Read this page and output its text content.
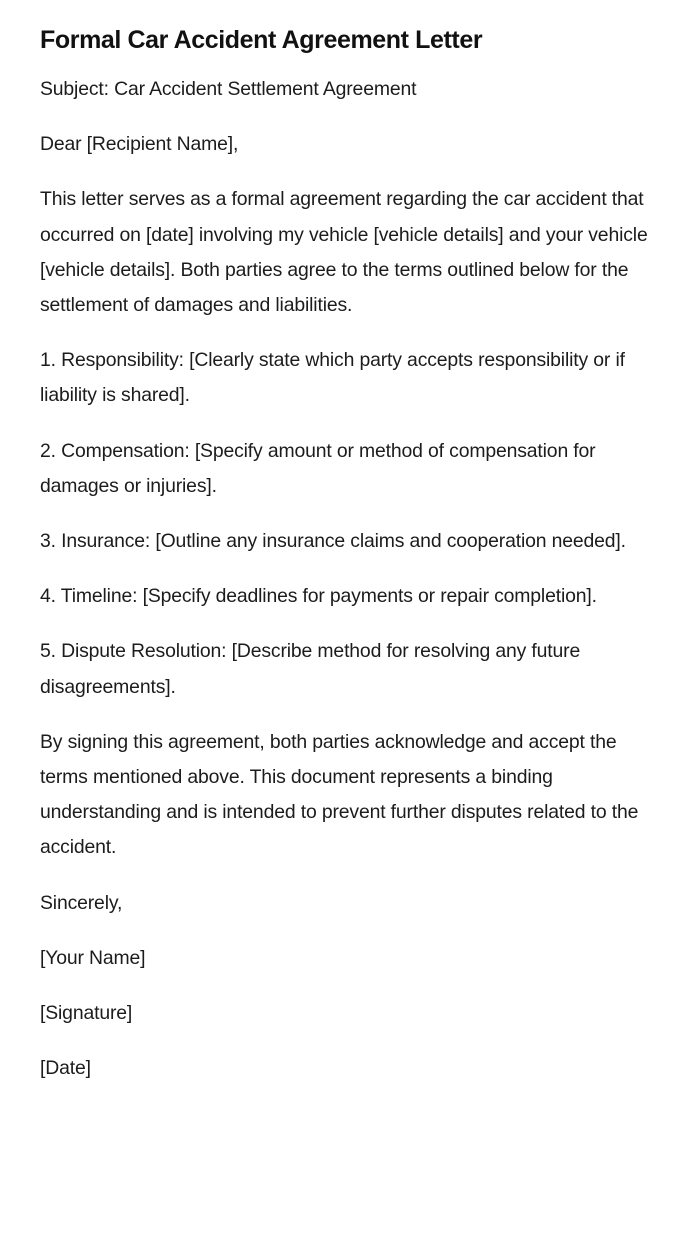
Formal Car Accident Agreement Letter

Subject: Car Accident Settlement Agreement

Dear [Recipient Name],

This letter serves as a formal agreement regarding the car accident that occurred on [date] involving my vehicle [vehicle details] and your vehicle [vehicle details]. Both parties agree to the terms outlined below for the settlement of damages and liabilities.

1. Responsibility: [Clearly state which party accepts responsibility or if liability is shared].

2. Compensation: [Specify amount or method of compensation for damages or injuries].

3. Insurance: [Outline any insurance claims and cooperation needed].

4. Timeline: [Specify deadlines for payments or repair completion].

5. Dispute Resolution: [Describe method for resolving any future disagreements].

By signing this agreement, both parties acknowledge and accept the terms mentioned above. This document represents a binding understanding and is intended to prevent further disputes related to the accident.

Sincerely,

[Your Name]

[Signature]

[Date]
